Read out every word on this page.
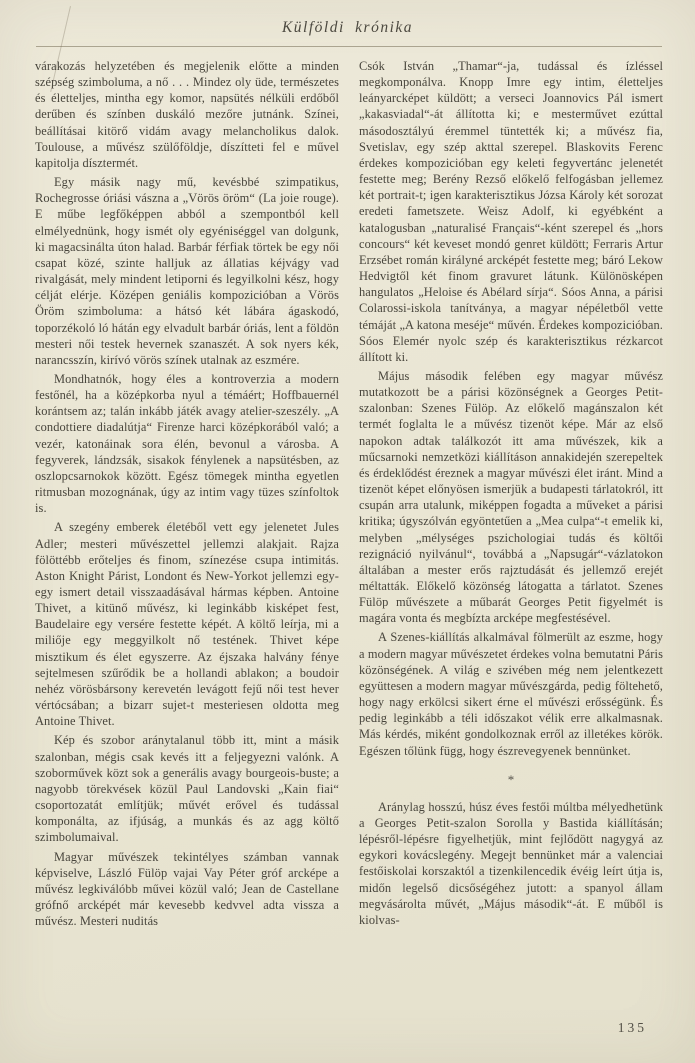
Külföldi krónika

várakozás helyzetében és megjelenik előtte a minden szépség szimboluma, a nő . . . Mindez oly üde, természetes és életteljes, mintha egy komor, napsütés nélküli erdőből derűben és színben duskáló mezőre jutnánk. Színei, beállításai kitörő vidám avagy melancholikus dalok. Toulouse, a művész szülőföldje, díszítteti fel e művel kapitolja dísztermét.

Egy másik nagy mű, kevésbbé szimpatikus, Rochegrosse óriási vászna a „Vörös öröm“ (La joie rouge). E műbe legfőképpen abból a szempontból kell elmélyednünk, hogy ismét oly egyéniséggel van dolgunk, ki magacsinálta úton halad. Barbár férfiak törtek be egy női csapat közé, szinte halljuk az állatias kéjvágy vad rivalgását, mely mindent letiporni és legyilkolni kész, hogy célját elérje. Középen geniális kompozicióban a Vörös Öröm szimboluma: a hátsó két lábára ágaskodó, toporzékoló ló hátán egy elvadult barbár óriás, lent a földön mesteri női testek hevernek szanaszét. A sok nyers kék, narancsszín, kirívó vörös színek utalnak az eszmére.

Mondhatnók, hogy éles a kontroverzia a modern festőnél, ha a középkorba nyul a témáért; Hoffbauernél korántsem az; talán inkább játék avagy atelier-szeszély. „A condottiere diadalútja“ Firenze harci középkorából való; a vezér, katonáinak sora élén, bevonul a városba. A fegyverek, lándzsák, sisakok fénylenek a napsütésben, az oszlopcsarnokok között. Egész tömegek mintha egyetlen ritmusban mozognának, úgy az intim vagy tüzes színfoltok is.

A szegény emberek életéből vett egy jelenetet Jules Adler; mesteri művészettel jellemzi alakjait. Rajza fölöttébb erőteljes és finom, színezése csupa intimitás. Aston Knight Párist, Londont és New-Yorkot jellemzi egy-egy ismert detail visszaadásával hármas képben. Antoine Thivet, a kitünő művész, ki leginkább kisképet fest, Baudelaire egy versére festette képét. A költő leírja, mi a miliője egy meggyilkolt nő testének. Thivet képe misztikum és élet egyszerre. Az éjszaka halvány fénye sejtelmesen szűrődik be a hollandi ablakon; a boudoir nehéz vörösbársony kerevetén levágott fejű női test hever vértócsában; a bizarr sujet-t mesteriesen oldotta meg Antoine Thivet.

Kép és szobor aránytalanul több itt, mint a másik szalonban, mégis csak kevés itt a feljegyezni valónk. A szoborművek közt sok a generális avagy bourgeois-buste; a nagyobb törekvések közül Paul Landovski „Kain fiai“ csoportozatát említjük; művét erővel és tudással komponálta, az ifjúság, a munkás és az agg költő szimbolumaival.

Magyar művészek tekintélyes számban vannak képviselve, László Fülöp vajai Vay Péter gróf arcképe a művész legkiválóbb művei közül való; Jean de Castellane grófnő arcképét már kevesebb kedvvel adta vissza a művész. Mesteri nuditás

Csók István „Thamar“-ja, tudással és ízléssel megkomponálva. Knopp Imre egy intim, életteljes leányarcképet küldött; a verseci Joannovics Pál ismert „kakasviadal“-át állította ki; e mesterművet ezúttal másodosztályú éremmel tüntették ki; a művész fia, Svetislav, egy szép akttal szerepel. Blaskovits Ferenc érdekes kompozicióban egy keleti fegyvertánc jelenetét festette meg; Berény Rezső előkelő felfogásban jellemez két portrait-t; igen karakterisztikus Józsa Károly két sorozat eredeti fametszete. Weisz Adolf, ki egyébként a katalogusban „naturalisé Français“-ként szerepel és „hors concours“ két keveset mondó genret küldött; Ferraris Artur Erzsébet román királyné arcképét festette meg; báró Lekow Hedvigtől két finom gravuret látunk. Különösképen hangulatos „Heloise és Abélard sírja“. Sóos Anna, a párisi Colarossi-iskola tanítványa, a magyar népéletből vette témáját „A katona meséje“ művén. Érdekes kompozicióban. Sóos Elemér nyolc szép és karakterisztikus rézkarcot állított ki.

Május második felében egy magyar művész mutatkozott be a párisi közönségnek a Georges Petit-szalonban: Szenes Fülöp. Az előkelő magánszalon két termét foglalta le a művész tizenöt képe. Már az első napokon adtak találkozót itt ama művészek, kik a műcsarnoki nemzetközi kiállításon annakidején szerepeltek és érdeklődést éreznek a magyar művészi élet iránt. Mind a tizenöt képet előnyösen ismerjük a budapesti tárlatokról, itt csupán arra utalunk, miképpen fogadta a műveket a párisi kritika; úgyszólván egyöntetűen a „Mea culpa“-t emelik ki, melyben „mélységes pszichologiai tudás és költői rezignáció nyilvánul“, továbbá a „Napsugár“-vázlatokon általában a mester erős rajztudását és jellemző erejét méltatták. Előkelő közönség látogatta a tárlatot. Szenes Fülöp művészete a műbarát Georges Petit figyelmét is magára vonta és megbízta arcképe megfestésével.

A Szenes-kiállítás alkalmával fölmerült az eszme, hogy a modern magyar művészetet érdekes volna bemutatni Páris közönségének. A világ e szivében még nem jelentkezett együttesen a modern magyar művészgárda, pedig föltehető, hogy nagy erkölcsi sikert érne el művészi erősségünk. És pedig leginkább a téli időszakot vélik erre alkalmasnak. Más kérdés, miként gondolkoznak erről az illetékes körök. Egészen tőlünk függ, hogy észrevegyenek bennünket.

*

Aránylag hosszú, húsz éves festői múltba mélyedhetünk a Georges Petit-szalon Sorolla y Bastida kiállításán; lépésről-lépésre figyelhetjük, mint fejlődött nagygyá az egykori kovácslegény. Megejt bennünket már a valenciai festőiskolai korszaktól a tizenkilencedik évéig leírt útja is, midőn legelső dicsőségéhez jutott: a spanyol állam megvásárolta művét, „Május második“-át. E műből is kiolvas-

135
